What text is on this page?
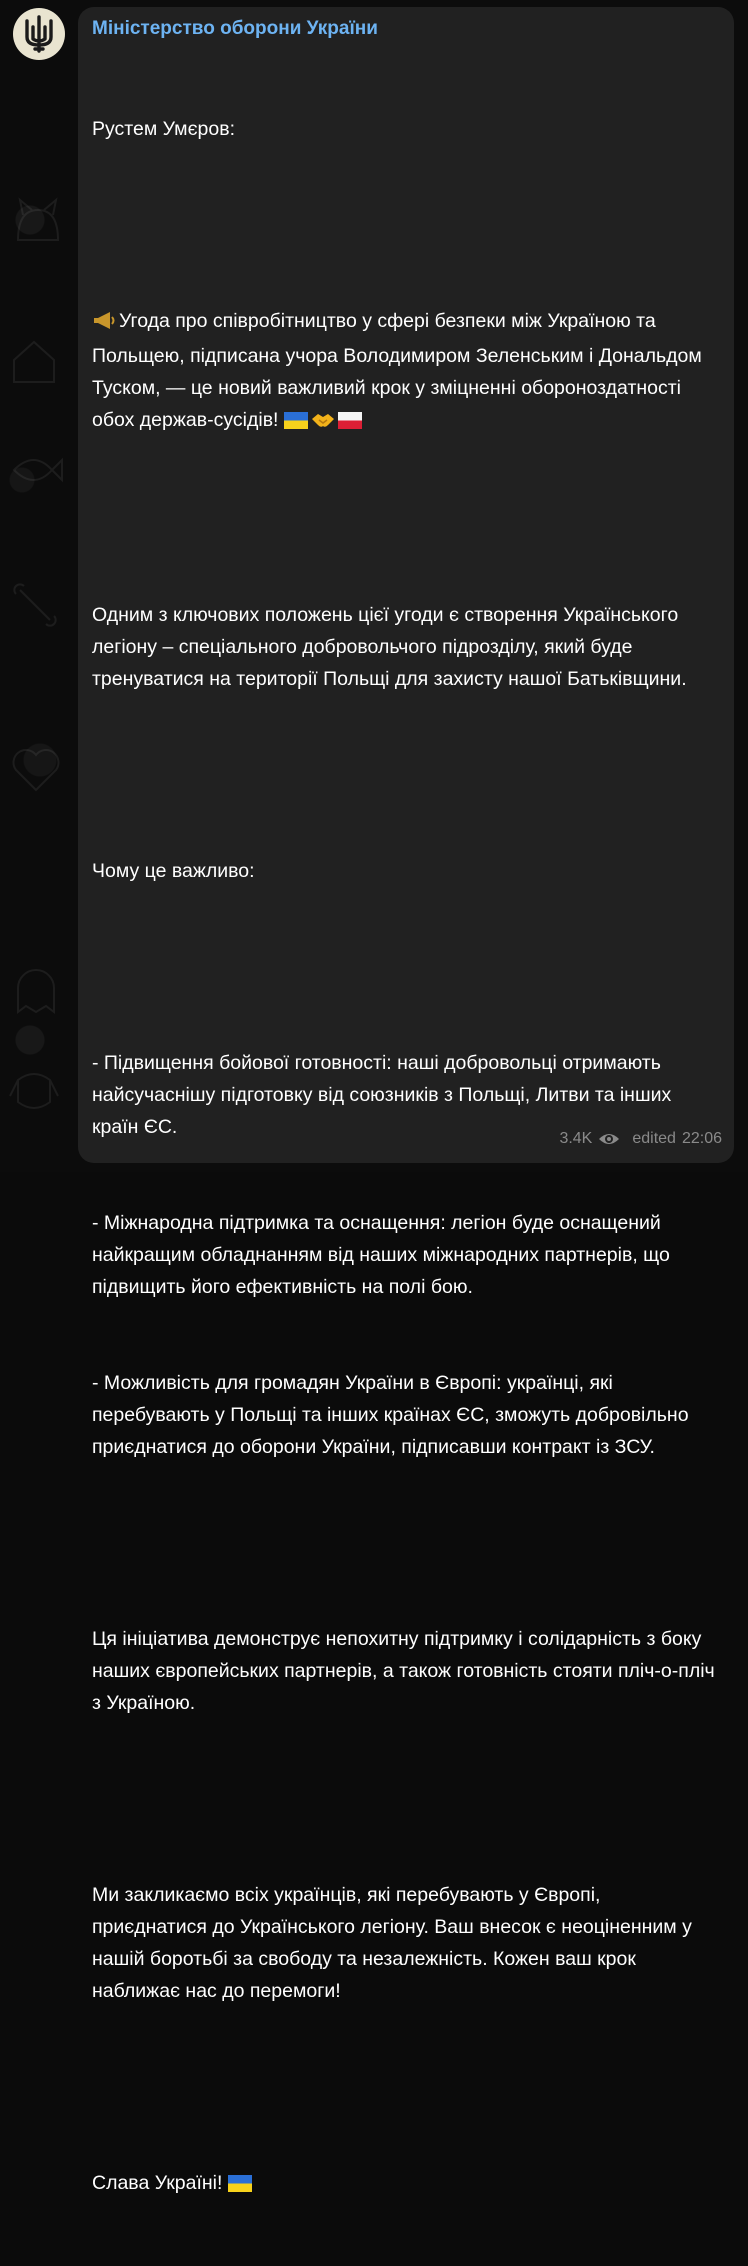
Міністерство оборони України

Рустем Умєров:

Угода про співробітництво у сфері безпеки між Україною та Польщею, підписана учора Володимиром Зеленським і Дональдом Туском, — це новий важливий крок у зміцненні обороноздатності обох держав-сусідів!

Одним з ключових положень цієї угоди є створення Українського легіону – спеціального добровольчого підрозділу, який буде тренуватися на території Польщі для захисту нашої Батьківщини.

Чому це важливо:

- Підвищення бойової готовності: наші добровольці отримають найсучаснішу підготовку від союзників з Польщі, Литви та інших країн ЄС.

- Міжнародна підтримка та оснащення: легіон буде оснащений найкращим обладнанням від наших міжнародних партнерів, що підвищить його ефективність на полі бою.

- Можливість для громадян України в Європі: українці, які перебувають у Польщі та інших країнах ЄС, зможуть добровільно приєднатися до оборони України, підписавши контракт із ЗСУ.

Ця ініціатива демонструє непохитну підтримку і солідарність з боку наших європейських партнерів, а також готовність стояти пліч-о-пліч з Україною.

Ми закликаємо всіх українців, які перебувають у Європі, приєднатися до Українського легіону. Ваш внесок є неоціненним у нашій боротьбі за свободу та незалежність. Кожен ваш крок наближає нас до перемоги!

Слава Україні!

3.4K	edited 22:06
